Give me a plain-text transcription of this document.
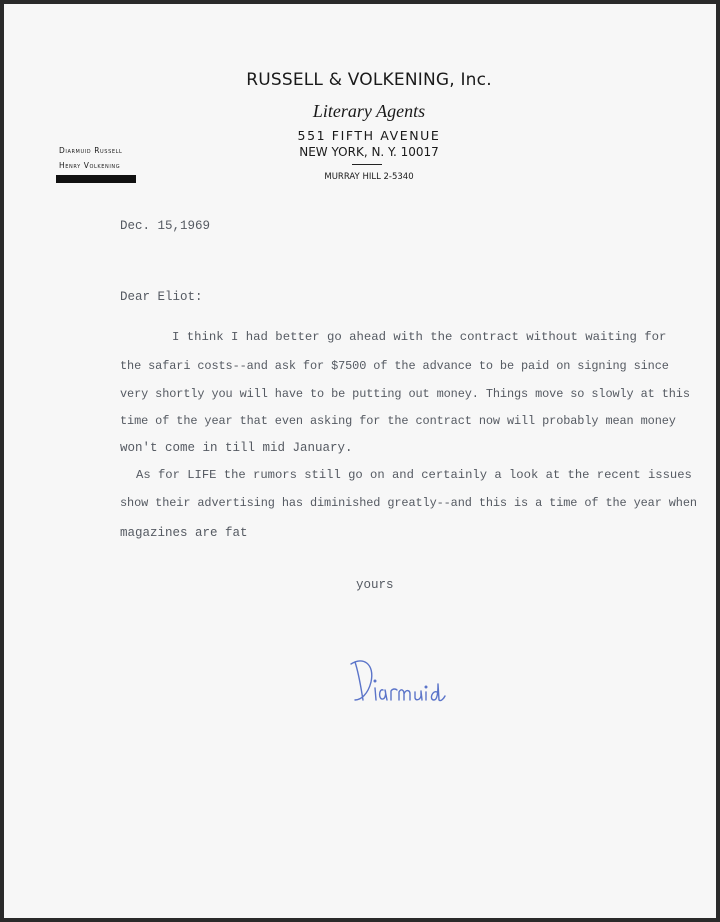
RUSSELL & VOLKENING, Inc.
Literary Agents
551 FIFTH AVENUE
NEW YORK, N. Y. 10017
MURRAY HILL 2-5340
Diarmuid Russell
Henry Volkening
Dec. 15,1969
Dear Eliot:
I think I had better go ahead with the contract without waiting for
the safari costs--and ask for $7500 of the advance to be paid on signing since
very shortly you will have to be putting out money. Things move so slowly at this
time of the year that even asking for the contract now will probably mean money
won't come in till mid January.
As for LIFE the rumors still go on and certainly a look at the recent issues
show their advertising has diminished greatly--and this is a time of the year when
magazines are fat
yours
